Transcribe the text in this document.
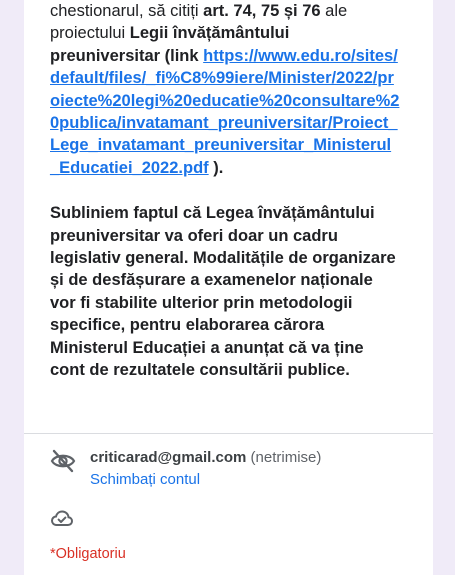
chestionarul, să citiți art. 74, 75 și 76 ale proiectului Legii învățământului preuniversitar (link https://www.edu.ro/sites/default/files/_fi%C8%99iere/Minister/2022/proiecte%20legi%20educatie%20consultare%20publica/invatamant_preuniversitar/Proiect_Lege_invatamant_preuniversitar_Ministerul_Educatiei_2022.pdf ).

Subliniem faptul că Legea învățământului preuniversitar va oferi doar un cadru legislativ general. Modalitățile de organizare și de desfășurare a examenelor naționale vor fi stabilite ulterior prin metodologii specifice, pentru elaborarea cărora Ministerul Educației a anunțat că va ține cont de rezultatele consultării publice.

criticarad@gmail.com (netrimise)
Schimbați contul
*Obligatoriu
